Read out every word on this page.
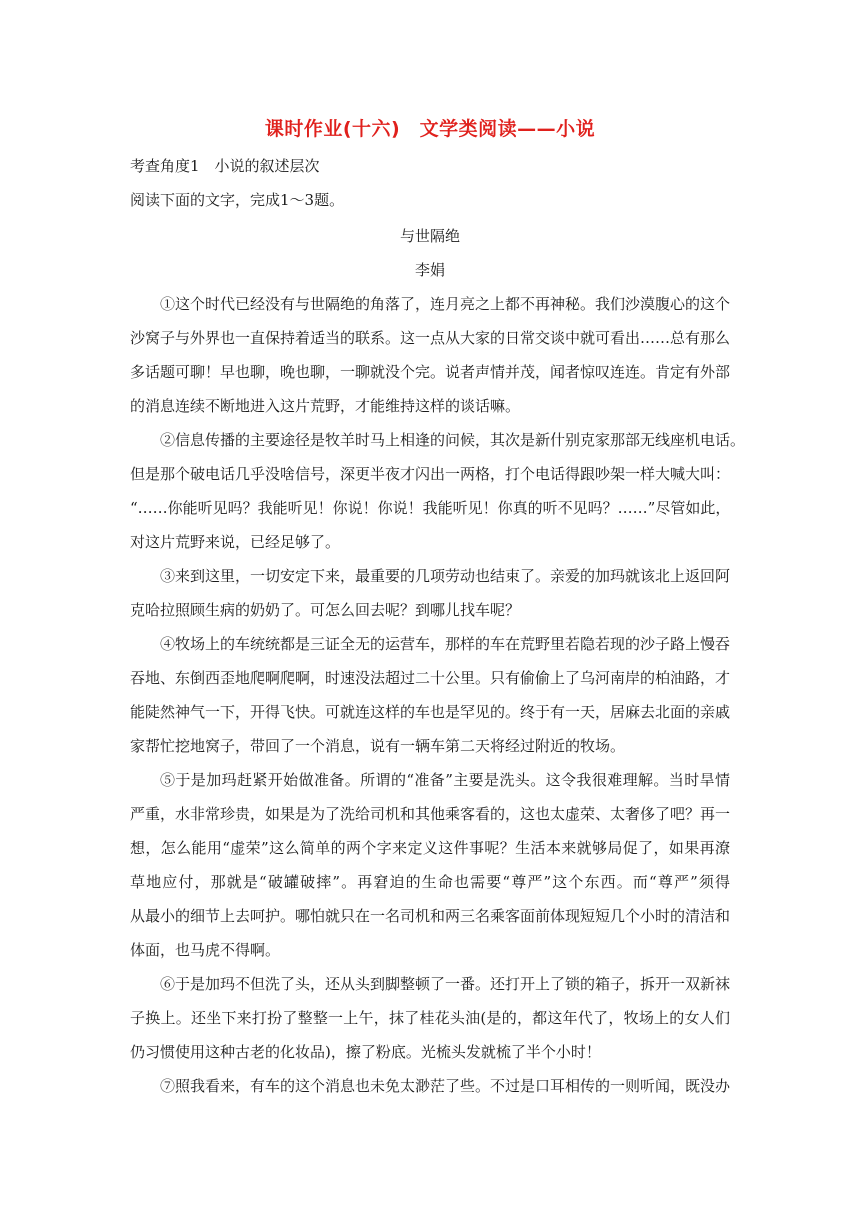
课时作业(十六)　文学类阅读——小说
考查角度1　小说的叙述层次
阅读下面的文字，完成1～3题。
与世隔绝
李娟
①这个时代已经没有与世隔绝的角落了，连月亮之上都不再神秘。我们沙漠腹心的这个
沙窝子与外界也一直保持着适当的联系。这一点从大家的日常交谈中就可看出……总有那么
多话题可聊！早也聊，晚也聊，一聊就没个完。说者声情并茂，闻者惊叹连连。肯定有外部
的消息连续不断地进入这片荒野，才能维持这样的谈话嘛。
②信息传播的主要途径是牧羊时马上相逢的问候，其次是新什别克家那部无线座机电话。
但是那个破电话几乎没啥信号，深更半夜才闪出一两格，打个电话得跟吵架一样大喊大叫：
“……你能听见吗？我能听见！你说！你说！我能听见！你真的听不见吗？……”尽管如此，
对这片荒野来说，已经足够了。
③来到这里，一切安定下来，最重要的几项劳动也结束了。亲爱的加玛就该北上返回阿
克哈拉照顾生病的奶奶了。可怎么回去呢？到哪儿找车呢？
④牧场上的车统统都是三证全无的运营车，那样的车在荒野里若隐若现的沙子路上慢吞
吞地、东倒西歪地爬啊爬啊，时速没法超过二十公里。只有偷偷上了乌河南岸的柏油路，才
能陡然神气一下，开得飞快。可就连这样的车也是罕见的。终于有一天，居麻去北面的亲戚
家帮忙挖地窝子，带回了一个消息，说有一辆车第二天将经过附近的牧场。
⑤于是加玛赶紧开始做准备。所谓的“准备”主要是洗头。这令我很难理解。当时旱情
严重，水非常珍贵，如果是为了洗给司机和其他乘客看的，这也太虚荣、太奢侈了吧？再一
想，怎么能用“虚荣”这么简单的两个字来定义这件事呢？生活本来就够局促了，如果再潦
草地应付，那就是“破罐破摔”。再窘迫的生命也需要“尊严”这个东西。而“尊严”须得
从最小的细节上去呵护。哪怕就只在一名司机和两三名乘客面前体现短短几个小时的清洁和
体面，也马虎不得啊。
⑥于是加玛不但洗了头，还从头到脚整顿了一番。还打开上了锁的箱子，拆开一双新袜
子换上。还坐下来打扮了整整一上午，抹了桂花头油(是的，都这年代了，牧场上的女人们
仍习惯使用这种古老的化妆品)，擦了粉底。光梳头发就梳了半个小时！
⑦照我看来，有车的这个消息也未免太渺茫了些。不过是口耳相传的一则听闻，既没办
